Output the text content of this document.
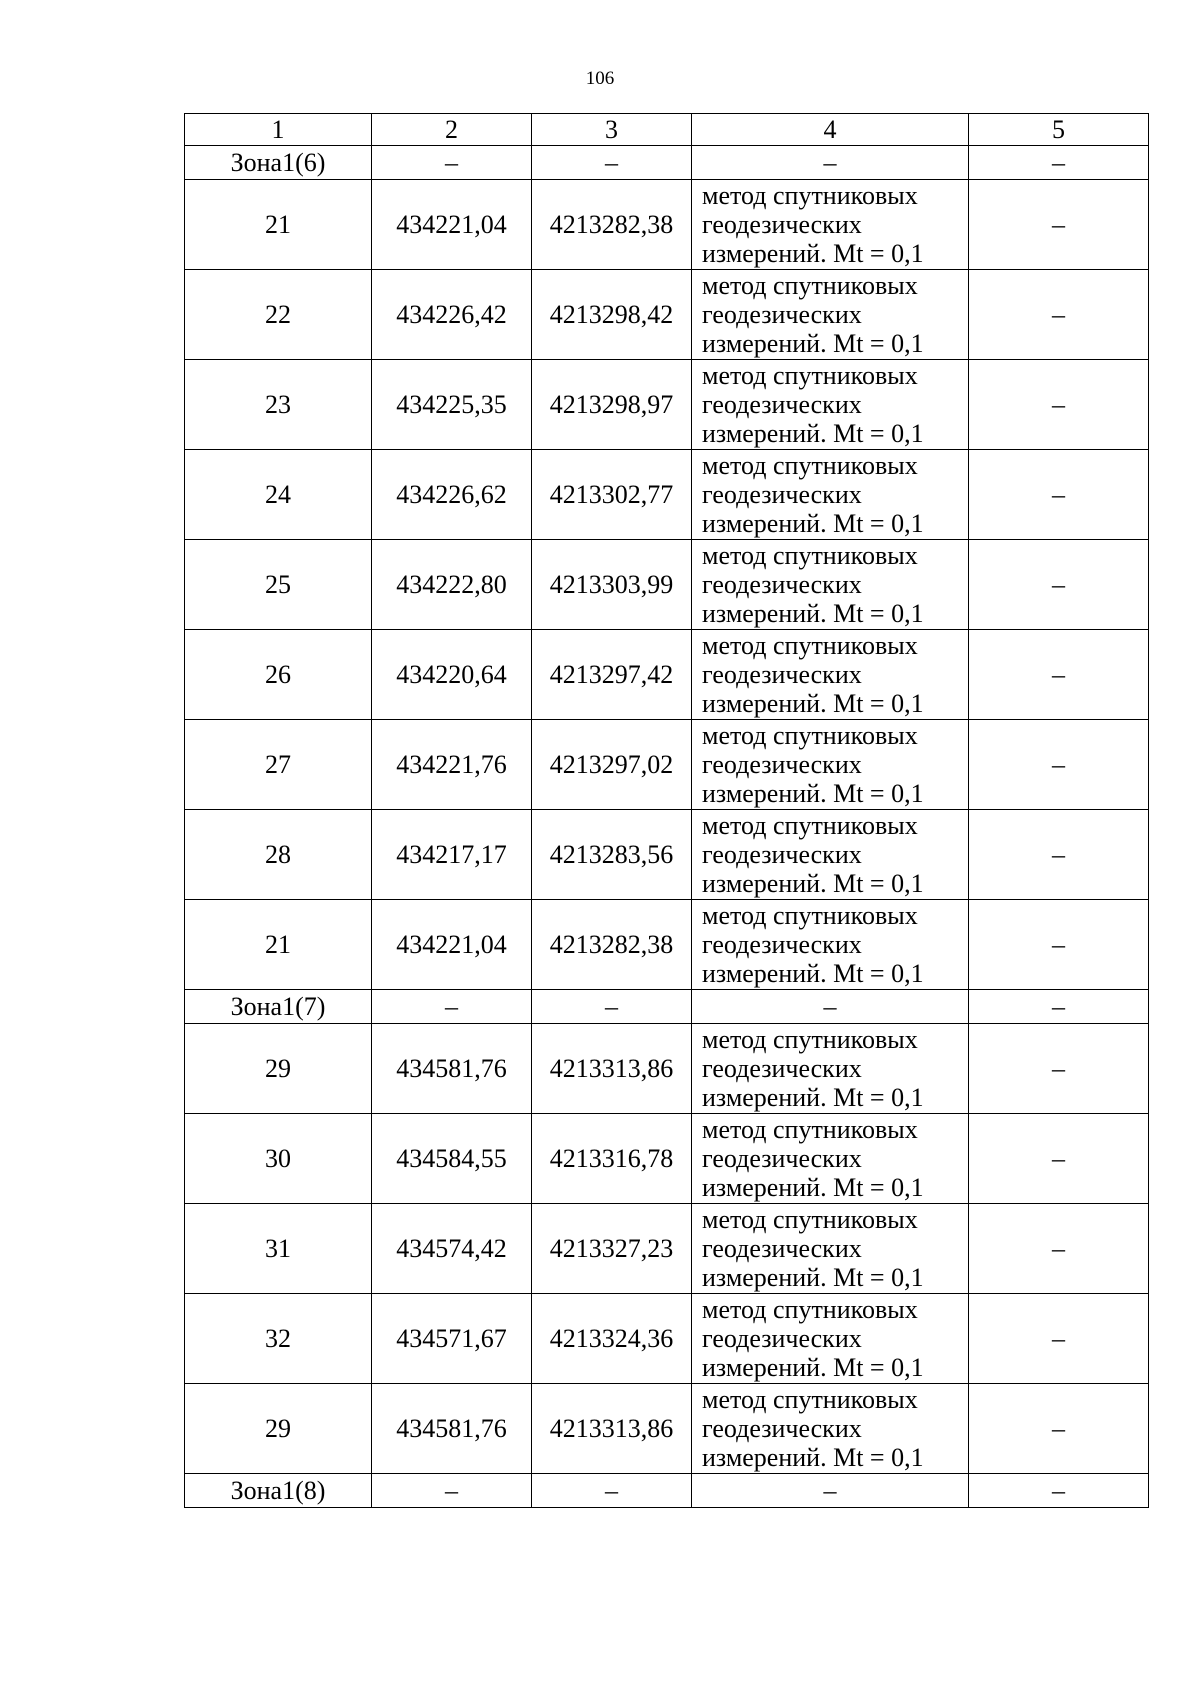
106
1	2	3	4	5
Зона1(6)	–	–	–	–
21	434221,04	4213282,38	метод спутниковых
геодезических
измерений. Mt = 0,1	–
22	434226,42	4213298,42	метод спутниковых
геодезических
измерений. Mt = 0,1	–
23	434225,35	4213298,97	метод спутниковых
геодезических
измерений. Mt = 0,1	–
24	434226,62	4213302,77	метод спутниковых
геодезических
измерений. Mt = 0,1	–
25	434222,80	4213303,99	метод спутниковых
геодезических
измерений. Mt = 0,1	–
26	434220,64	4213297,42	метод спутниковых
геодезических
измерений. Mt = 0,1	–
27	434221,76	4213297,02	метод спутниковых
геодезических
измерений. Mt = 0,1	–
28	434217,17	4213283,56	метод спутниковых
геодезических
измерений. Mt = 0,1	–
21	434221,04	4213282,38	метод спутниковых
геодезических
измерений. Mt = 0,1	–
Зона1(7)	–	–	–	–
29	434581,76	4213313,86	метод спутниковых
геодезических
измерений. Mt = 0,1	–
30	434584,55	4213316,78	метод спутниковых
геодезических
измерений. Mt = 0,1	–
31	434574,42	4213327,23	метод спутниковых
геодезических
измерений. Mt = 0,1	–
32	434571,67	4213324,36	метод спутниковых
геодезических
измерений. Mt = 0,1	–
29	434581,76	4213313,86	метод спутниковых
геодезических
измерений. Mt = 0,1	–
Зона1(8)	–	–	–	–
